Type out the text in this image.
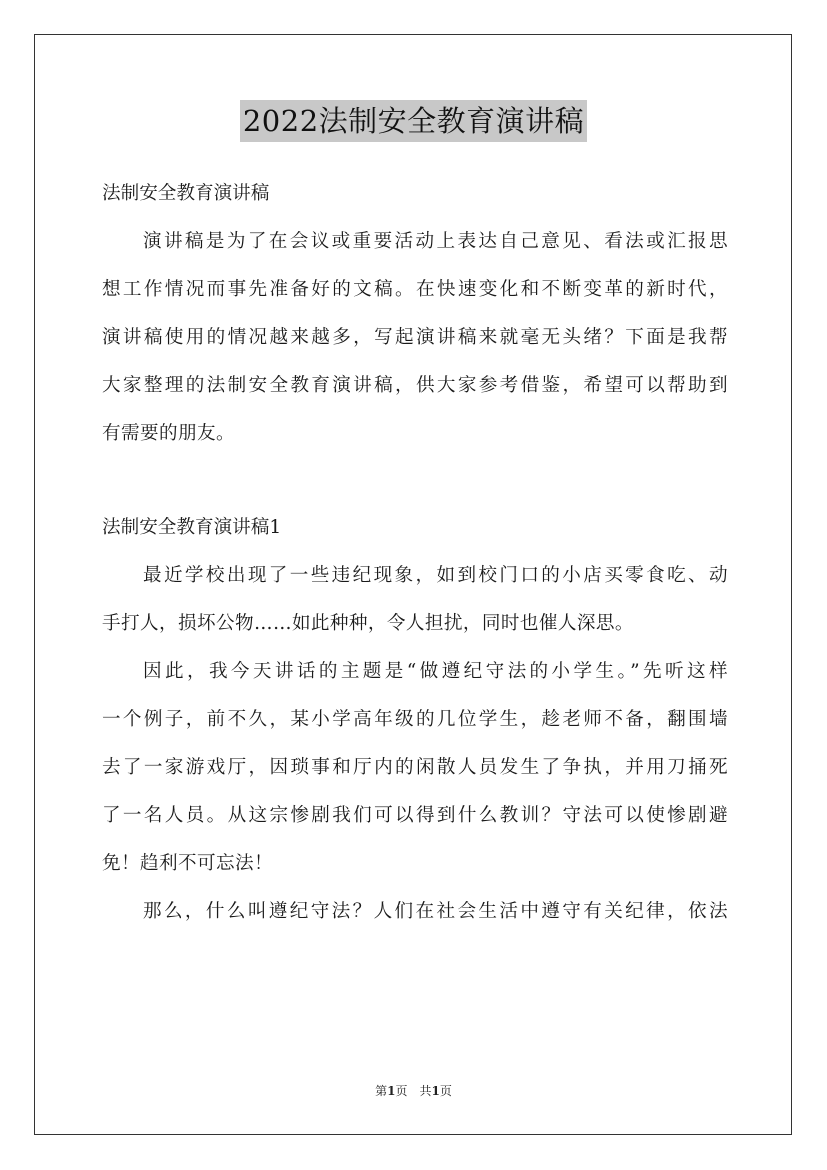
2022法制安全教育演讲稿
法制安全教育演讲稿
演讲稿是为了在会议或重要活动上表达自己意见、看法或汇报思
想工作情况而事先准备好的文稿。在快速变化和不断变革的新时代，
演讲稿使用的情况越来越多，写起演讲稿来就毫无头绪？下面是我帮
大家整理的法制安全教育演讲稿，供大家参考借鉴，希望可以帮助到
有需要的朋友。
法制安全教育演讲稿1
最近学校出现了一些违纪现象，如到校门口的小店买零食吃、动
手打人，损坏公物……如此种种，令人担扰，同时也催人深思。
因此，我今天讲话的主题是“做遵纪守法的小学生。”先听这样
一个例子，前不久，某小学高年级的几位学生，趁老师不备，翻围墙
去了一家游戏厅，因琐事和厅内的闲散人员发生了争执，并用刀捅死
了一名人员。从这宗惨剧我们可以得到什么教训？守法可以使惨剧避
免！趋利不可忘法！
那么，什么叫遵纪守法？人们在社会生活中遵守有关纪律，依法
第1页 共1页
